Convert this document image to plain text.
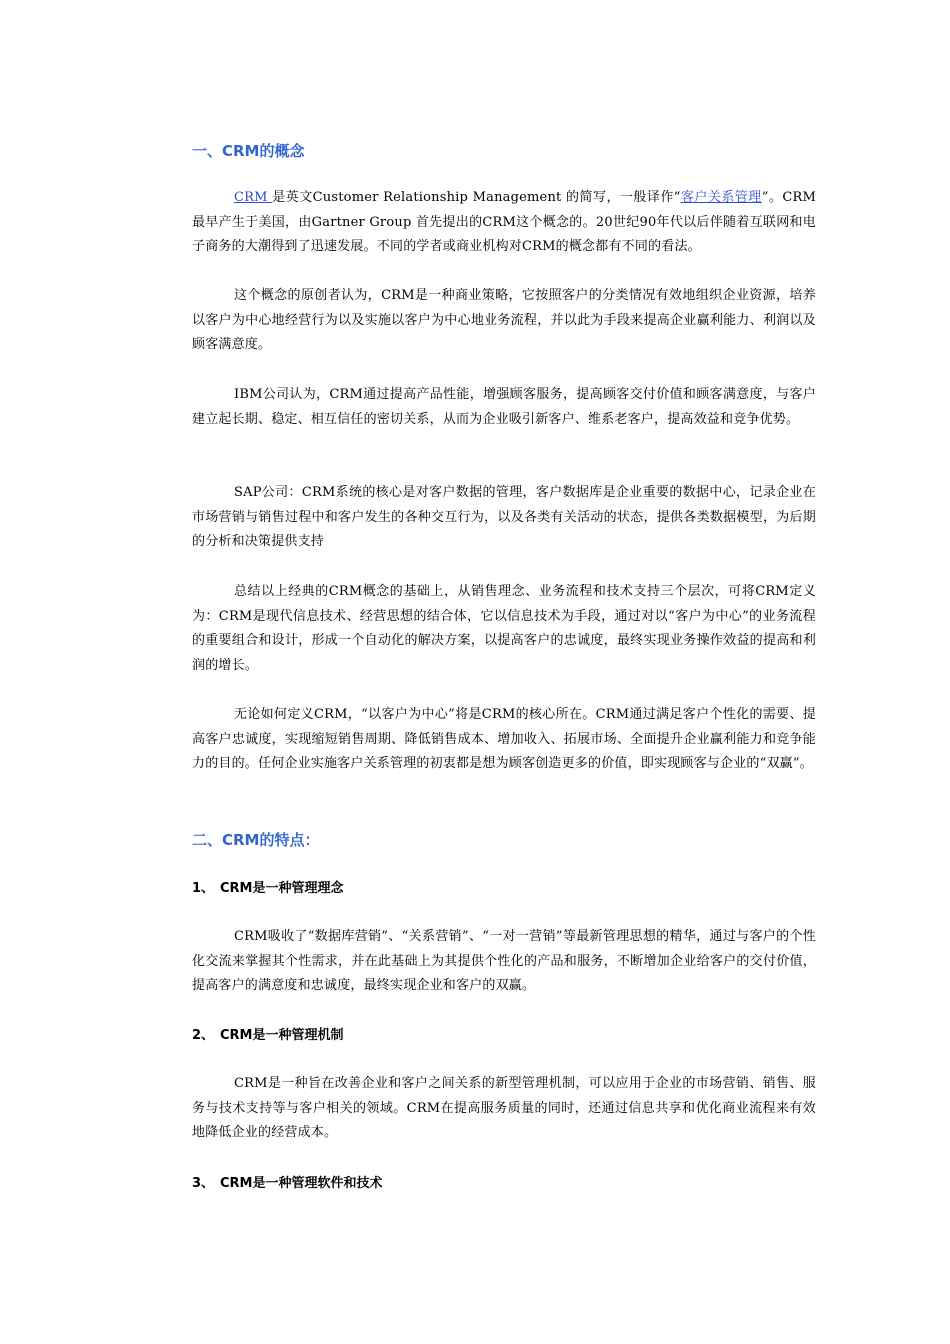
一、CRM的概念

CRM 是英文Customer Relationship Management 的简写，一般译作“客户关系管理”。CRM 最早产生于美国，由Gartner Group 首先提出的CRM这个概念的。20世纪90年代以后伴随着互联网和电子商务的大潮得到了迅速发展。不同的学者或商业机构对CRM的概念都有不同的看法。

这个概念的原创者认为，CRM是一种商业策略，它按照客户的分类情况有效地组织企业资源，培养以客户为中心地经营行为以及实施以客户为中心地业务流程，并以此为手段来提高企业赢利能力、利润以及顾客满意度。

IBM公司认为，CRM通过提高产品性能，增强顾客服务，提高顾客交付价值和顾客满意度，与客户建立起长期、稳定、相互信任的密切关系，从而为企业吸引新客户、维系老客户，提高效益和竞争优势。

SAP公司：CRM系统的核心是对客户数据的管理，客户数据库是企业重要的数据中心，记录企业在市场营销与销售过程中和客户发生的各种交互行为，以及各类有关活动的状态，提供各类数据模型，为后期的分析和决策提供支持

总结以上经典的CRM概念的基础上，从销售理念、业务流程和技术支持三个层次，可将CRM定义为：CRM是现代信息技术、经营思想的结合体，它以信息技术为手段，通过对以“客户为中心”的业务流程的重要组合和设计，形成一个自动化的解决方案，以提高客户的忠诚度，最终实现业务操作效益的提高和利润的增长。

无论如何定义CRM，“以客户为中心”将是CRM的核心所在。CRM通过满足客户个性化的需要、提高客户忠诚度，实现缩短销售周期、降低销售成本、增加收入、拓展市场、全面提升企业赢利能力和竞争能力的目的。任何企业实施客户关系管理的初衷都是想为顾客创造更多的价值，即实现顾客与企业的“双赢”。

二、CRM的特点：
1、 CRM是一种管理理念

CRM吸收了“数据库营销”、“关系营销”、“一对一营销”等最新管理思想的精华，通过与客户的个性化交流来掌握其个性需求，并在此基础上为其提供个性化的产品和服务，不断增加企业给客户的交付价值，提高客户的满意度和忠诚度，最终实现企业和客户的双赢。

2、 CRM是一种管理机制

CRM是一种旨在改善企业和客户之间关系的新型管理机制，可以应用于企业的市场营销、销售、服务与技术支持等与客户相关的领域。CRM在提高服务质量的同时，还通过信息共享和优化商业流程来有效地降低企业的经营成本。

3、 CRM是一种管理软件和技术
